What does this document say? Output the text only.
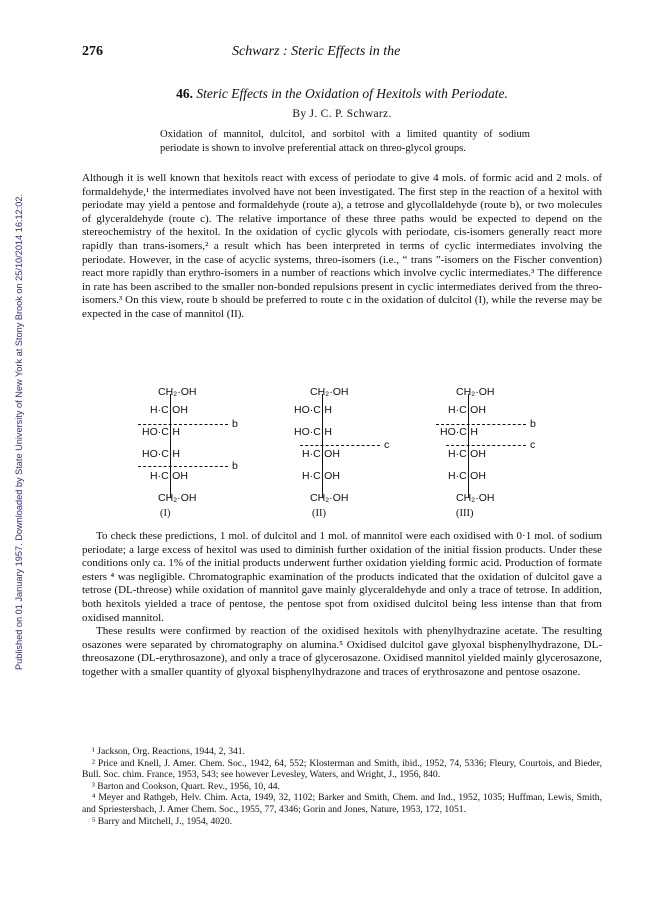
Published on 01 January 1957. Downloaded by State University of New York at Stony Brook on 25/10/2014 16:12:02.
276	Schwarz : Steric Effects in the
46. Steric Effects in the Oxidation of Hexitols with Periodate.
By J. C. P. Schwarz.
Oxidation of mannitol, dulcitol, and sorbitol with a limited quantity of sodium periodate is shown to involve preferential attack on threo-glycol groups.

Although it is well known that hexitols react with excess of periodate to give 4 mols. of formic acid and 2 mols. of formaldehyde,¹ the intermediates involved have not been investigated. The first step in the reaction of a hexitol with periodate may yield a pentose and formaldehyde (route a), a tetrose and glycollaldehyde (route b), or two molecules of glyceraldehyde (route c). The relative importance of these three paths would be expected to depend on the stereochemistry of the hexitol. In the oxidation of cyclic glycols with periodate, cis-isomers generally react more rapidly than trans-isomers,² a result which has been interpreted in terms of cyclic intermediates involving the periodate. However, in the case of acyclic systems, threo-isomers (i.e., “ trans ”-isomers on the Fischer convention) react more rapidly than erythro-isomers in a number of reactions which involve cyclic intermediates.³ The difference in rate has been ascribed to the smaller non-bonded repulsions present in cyclic intermediates derived from the threo-isomers.³ On this view, route b should be preferred to route c in the oxidation of dulcitol (I), while the reverse may be expected in the case of mannitol (II).

CH₂·OH
H·C·OH
b
HO·C·H
HO·C·H
b
H·C·OH
CH₂·OH
(I)
CH₂·OH
HO·C·H
HO·C·H
c
H·C·OH
H·C·OH
CH₂·OH
(II)
CH₂·OH
H·C·OH
b
HO·C·H
c
H·C·OH
H·C·OH
CH₂·OH
(III)

To check these predictions, 1 mol. of dulcitol and 1 mol. of mannitol were each oxidised with 0·1 mol. of sodium periodate; a large excess of hexitol was used to diminish further oxidation of the initial fission products. Under these conditions only ca. 1% of the initial products underwent further oxidation yielding formic acid. Production of formate esters ⁴ was negligible. Chromatographic examination of the products indicated that the oxidation of dulcitol gave a tetrose (DL-threose) while oxidation of mannitol gave mainly glyceraldehyde and only a trace of tetrose. In addition, both hexitols yielded a trace of pentose, the pentose spot from oxidised dulcitol being less intense than that from oxidised mannitol.

These results were confirmed by reaction of the oxidised hexitols with phenylhydrazine acetate. The resulting osazones were separated by chromatography on alumina.⁵ Oxidised dulcitol gave glyoxal bisphenylhydrazone, DL-threosazone (DL-erythrosazone), and only a trace of glycerosazone. Oxidised mannitol yielded mainly glycerosazone, together with a smaller quantity of glyoxal bisphenylhydrazone and traces of erythrosazone and pentose osazone.

¹ Jackson, Org. Reactions, 1944, 2, 341.

² Price and Knell, J. Amer. Chem. Soc., 1942, 64, 552; Klosterman and Smith, ibid., 1952, 74, 5336; Fleury, Courtois, and Bieder, Bull. Soc. chim. France, 1953, 543; see however Levesley, Waters, and Wright, J., 1956, 840.

³ Barton and Cookson, Quart. Rev., 1956, 10, 44.

⁴ Meyer and Rathgeb, Helv. Chim. Acta, 1949, 32, 1102; Barker and Smith, Chem. and Ind., 1952, 1035; Huffman, Lewis, Smith, and Spriestersbach, J. Amer Chem. Soc., 1955, 77, 4346; Gorin and Jones, Nature, 1953, 172, 1051.

⁵ Barry and Mitchell, J., 1954, 4020.
